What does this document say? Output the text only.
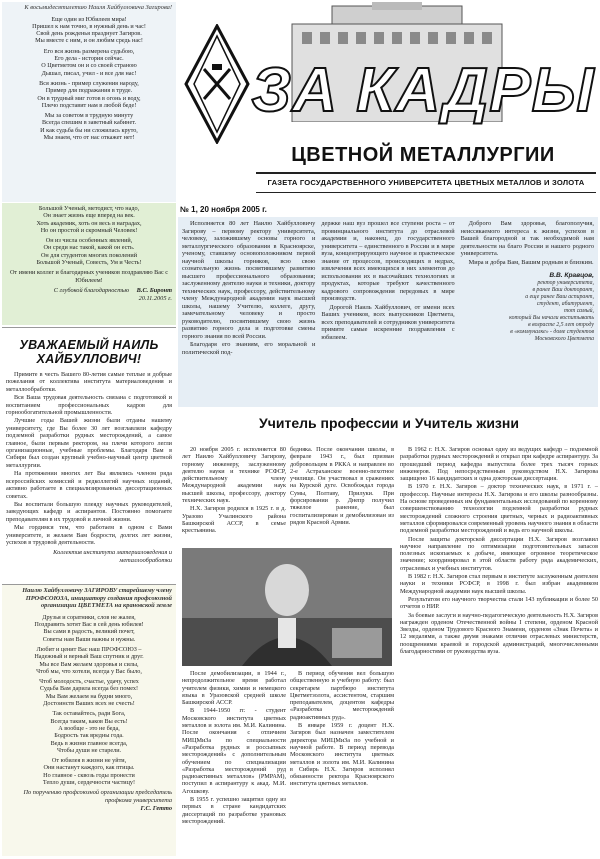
К восьмидесятилетию Наиля Хайбулловича Загирова!
Еще один из Юбилеев мира!
Пришел к нам точно, в нужный день и час!
Свой день рожденья празднует Загиров.
Мы вместе с ним, и он любим средь нас!
Его вся жизнь размерена судьбою,
Его дела - история сейчас.
О Цветметом он и со своей страною
Дышал, писал, учил - и все для нас!
Вся жизнь - пример служения народу,
Пример для подражания в труде.
Он в трудный миг готов в огонь и воду,
Плечо подставит нам в любой беде!
Мы за советом в трудную минуту
Всегда спешим в заветный кабинет.
И как судьба бы ни сложилась круто,
Мы знаем, что от нас откажет нет!
Большой Ученый, методист, что надо,
Он знает жизнь еще вперед на век.
Хоть академик, хоть он весь в наградах,
Но он простой и скромный Человек!
Он из числа особенных явлений,
Он среди нас такой, какой он есть.
Он для студентов многих поколений
Большой Ученый, Совесть, Ум и Честь!
От имени коллег и благодарных учеников поздравляю Вас с Юбилеем!
С глубокой благодарностью В.С. Биронт
20.11.2005 г.
УВАЖАЕМЫЙ НАИЛЬ ХАЙБУЛЛОВИЧ!

Примите в честь Вашего 80-летия самые теплые и добрые пожелания от коллектива института материаловедения и металлообработки.

Вся Ваша трудовая деятельность связана с подготовкой и воспитанием профессиональных кадров для горнообогатительной промышленности.

Лучшие годы Вашей жизни были отданы нашему университету, где Вы более 30 лет возглавляли кафедру подземной разработки рудных месторождений, а самое главное, были первым ректором, на плечи которого легли организационные, учебные проблемы. Благодаря Вам в Сибири был создан крупный учебно-научный центр цветной металлургии.

На протяжении многих лет Вы являлись членом ряда всероссийских комиссий и редколлегий научных изданий, активно работаете в специализированных диссертационных советах.

Вы воспитали большую плеяду научных руководителей, заведующих кафедр и аспирантов. Постоянно помогаете преподавателям в их трудовой и личной жизни.

Мы гордимся тем, что работаем в одном с Вами университете, и желаем Вам бодрости, долгих лет жизни, успехов в трудовой деятельности.

Коллектив института материаловедения и металлообработки
Наилю Хайбулловичу ЗАГИРОВУ старейшему члену ПРОФСОЮЗА, инициатору создания профсоюзной организации ЦВЕТМЕТА на крановской земле
Друзья и соратники, слов не жалея,
Поздравить хотят Вас в сей день юбилея!
Вы сами в радость, великий почет,
Советы нам Ваши важны и нужны.
Любит и ценит Вас наш ПРОФСОЮЗ –
Надежный и верный Ваш спутник и друг.
Мы все Вам желаем здоровья и силы,
Чтоб мы, что хотели, всегда у Вас было,
Чтоб молодость, счастье, удачу, успех
Судьба Вам дарила всегда без помех!
Мы Вам желаем на будни много,
Достоинств Ваших всех не счесть!
Так оставайтесь, ради Бога,
Всегда таким, каков Вы есть!
А вообще - это не беда,
Бодрость так вредны года.
Ведь в жизни главное всегда,
Чтобы души не старели.
От юбилея в жизни не уйти,
Они настанут каждого, как птицы.
Но главное - сквозь годы пронести
Тепло души, сердечности частицу!
По поручению профсоюзной организации председатель профкома университета
Г.С. Гетто
ЗА КАДРЫ
ЦВЕТНОЙ МЕТАЛЛУРГИИ
ГАЗЕТА ГОСУДАРСТВЕННОГО УНИВЕРСИТЕТА ЦВЕТНЫХ МЕТАЛЛОВ И ЗОЛОТА
№ 1, 20 ноября 2005 г.

Исполняется 80 лет Наилю Хайбулловичу Загирову – первому ректору университета, человеку, заложившему основы горного и металлургического образования в Красноярске, ученому, ставшему основоположником первой научной школы горняков, всю свою сознательную жизнь посвятившему развитию высшего профессионального образования; заслуженному деятелю науки и техники, доктору технических наук, профессору, действительному члену Международной академии наук высшей школы, нашему Учителю, коллеге, другу, замечательному человеку и просто руководителю, посвятившему свою жизнь развитию горного дела и подготовке смены горного знания по всей России.

Благодаря его знаниям, его моральной и политической под-

держке наш вуз прошел все ступени роста – от провинциального института до отраслевой академии и, наконец, до государственного университета – единственного в России и в мире вуза, концентрирующего научное и практическое знание от процессов, происходящих в недрах, извлечения всех имеющихся в них элементов до использования их в высочайших технологиях и продуктах, которые требуют качественного кадрового сопровождения передовых в мире производств.

Дорогой Наиль Хайбуллович, от имени всех Ваших учеников, всех выпускников Цветмета, всех преподавателей и сотрудников университета примите самые искренние поздравления с юбилеем.

Доброго Вам здоровья, благополучия, неиссякаемого интереса к жизни, успехов в Вашей благородной и так необходимой нам деятельности на благо России и нашего родного университета.

Мира и добра Вам, Вашим родным и близким.

В.В. Кравцов,
ректор университета,
в ранее Ваш докторант,
а еще ранее Ваш аспирант,
студент, абитуриент,
тот самый,
который Вы начали воспитывать
в возрасте 2,5 лет отроду
в «коммуналке» - доме студентов
Московского Цветмета
Учитель профессии и Учитель жизни

20 ноября 2005 г. исполняется 80 лет Наилю Хайбулловичу Загирову, горному инженеру, заслуженному деятелю науки и технике РСФСР, действительному члену Международной академии наук высшей школы, профессору, доктору технических наук.

Н.Х. Загиров родился в 1925 г. в д. Уразово Учалинского района Башкирской АССР, в семье крестьянина.

бедняка. После окончания школы, в феврале 1943 г., был призван добровольцем в РККА и направлен во 2-е Астраханское военно-пехотное училище. Он участвовал в сражениях на Курской дуге. Освобождал города Сумы, Полтаву, Прилуки. При форсировании р. Днепр получил тяжелое ранение, был госпитализирован и демобилизован из рядов Красной Армии.

После демобилизации, в 1944 г., непродолжительное время работал учителем физики, химии и немецкого языка в Уразовской средней школе Башкирской АССР.

В 1944-1950 гг. - студент Московского института цветных металлов и золота им. М.И. Калинина. После окончания с отличием МИЦМиЗа по специальности «Разработка рудных и россыпных месторождений» с дополнительным обучением по специализации «Разработка месторождений руд радиоактивных металлов» (РМРАМ), поступил в аспирантуру к акад. М.И. Агошкову.

В 1955 г. успешно защитил одну из первых в стране кандидатских диссертаций по разработке урановых месторождений.

В период обучения вел большую общественную и учебную работу: был секретарем партбюро института Цветметзолота, ассистентом, старшим преподавателем, доцентом кафедры «Разработка месторождений радиоактивных руд».

В январе 1959 г. доцент Н.Х. Загиров был назначен заместителем директора МИЦМиЗа по учебной и научной работе. В период перевода Московского института цветных металлов и золота им. М.И. Калинина в Сибирь Н.Х. Загиров исполнял обязанности ректора Красноярского института цветных металлов.

В 1962 г. Н.Х. Загиров основал одну из ведущих кафедр – подземной разработки рудных месторождений и открыл при кафедре аспирантуру. За прошедший период кафедра выпустила более трех тысяч горных инженеров. Под непосредственным руководством Н.Х. Загирова защищено 16 кандидатских и одна докторская диссертация.

В 1970 г. Н.Х. Загиров – доктор технических наук, в 1971 г. – профессор. Научные интересы Н.Х. Загирова и его школы разнообразны. На основе проведенных им фундаментальных исследований по коренному совершенствованию технологии подземной разработки рудных месторождений сложного строения цветных, черных и радиоактивных металлов сформировался современный уровень научного знания в области подземной разработки месторождений и ведь его научной школы.

После защиты докторской диссертации Н.Х. Загиров возглавил научное направление по оптимизации подготовительных запасов полезных ископаемых к добыче, имеющее огромное теоретическое значение; координировал в этой области работу ряда академических, отраслевых и учебных институтов.

В 1982 г. Н.Х. Загиров стал первым в институте заслуженным деятелем науки и техники РСФСР, в 1998 г. был избран академиком Международной академии наук высшей школы.

Результатом его научного творчества стали 143 публикации и более 50 отчетов о НИР.

За боевые заслуги и научно-педагогическую деятельность Н.Х. Загиров награжден орденом Отечественной войны I степени, орденом Красной Звезды, орденом Трудового Красного Знамени, орденом «Знак Почета» и 12 медалями, а также двумя знаками отличия отраслевых министерств, поощрениями краевой и городской администраций, многочисленными благодарностями от руководства вуза.
